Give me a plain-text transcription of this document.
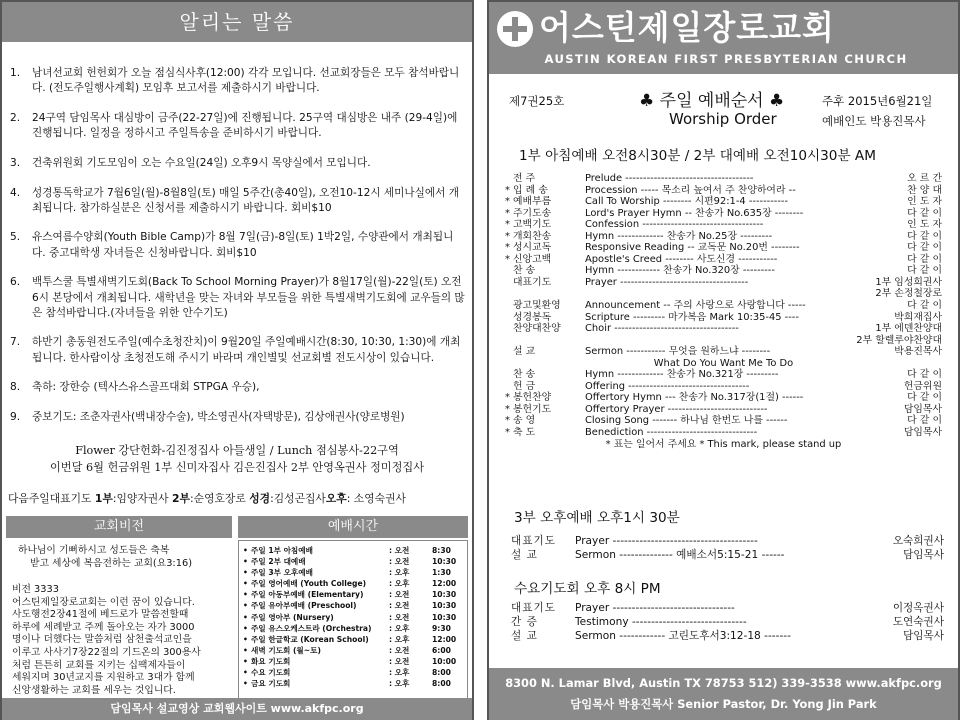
알리는 말씀
1. 남녀선교회 헌헌회가 오늘 점심식사후(12:00) 각각 모입니다. 선교회장들은 모두 참석바랍니다. (전도주일행사계획) 모임후 보고서를 제출하시기 바랍니다.
2. 24구역 담임목사 대심방이 금주(22-27일)에 진행됩니다. 25구역 대심방은 내주 (29-4일)에 진행됩니다. 일정을 정하시고 주일특송을 준비하시기 바랍니다.
3. 건축위원회 기도모임이 오는 수요일(24일) 오후9시 목양실에서 모입니다.
4. 성경통독학교가 7월6일(월)-8월8일(토) 매일 5주간(총40일), 오전10-12시 세미나실에서 개최됩니다. 참가하실분은 신청서를 제출하시기 바랍니다. 회비$10
5. 유스여름수양회(Youth Bible Camp)가 8월 7일(금)-8일(토) 1박2일, 수양관에서 개최됩니다. 중고대학생 자녀들은 신청바랍니다. 회비$10
6. 백투스쿨 특별새벽기도회(Back To School Morning Prayer)가 8월17일(월)-22일(토) 오전6시 본당에서 개최됩니다. 새학년을 맞는 자녀와 부모들을 위한 특별새벽기도회에 교우들의 많은 참석바랍니다.(자녀들을 위한 안수기도)
7. 하반기 총동원전도주일(예수초청잔치)이 9월20일 주일예배시간(8:30, 10:30, 1:30)에 개최됩니다. 한사람이상 초청전도해 주시기 바라며 개인별및 선교회별 전도시상이 있습니다.
8. 축하: 장한승 (텍사스유스골프대회 STPGA 우승),
9. 중보기도: 조춘자권사(백내장수술), 박소영권사(자택방문), 김상애권사(양로병원)
Flower 강단헌화-김진정집사 아들생일 / Lunch 점심봉사-22구역
이번달 6월 헌금위원 1부 신미자집사 김은진집사 2부 안영옥권사 정미정집사
다음주일대표기도 1부:임양자권사 2부:순영호장로 성경:김성곤집사오후: 소영숙권사
교회비전	예배시간
하나님이 기뻐하시고 성도들은 축복
받고 세상에 복음전하는 교회(요3:16)
비전 3333
어스틴제일장로교회는 이런 꿈이 있습니다.
사도행전2장41절에 베드로가 말씀전할때
하루에 세례받고 주께 돌아오는 자가 3000
명이나 더했다는 말씀처럼 삼천출석교인을
이루고 사사기7장22절의 기드온의 300용사
처럼 튼튼히 교회를 지키는 십팩제자들이
세워지며 30년교지를 지원하고 3대가 함께
신앙생활하는 교회를 세우는 것입니다.
• 주일 1부 아침예배	: 오전	8:30
• 주일 2부 대예배	: 오전	10:30
• 주일 3부 오후예배	: 오후	1:30
• 주일 영어예배 (Youth College)	: 오후	12:00
• 주일 아동부예배 (Elementary)	: 오전	10:30
• 주일 유아부예배 (Preschool)	: 오전	10:30
• 주일 영아부 (Nursery)	: 오전	10:30
• 주일 유스오케스트라 (Orchestra) : 오후	9:30
• 주일 한글학교 (Korean School)	: 오후	12:00
• 새벽 기도회 (월~토)	: 오전	6:00
• 화요 기도회	: 오전	10:00
• 수요 기도회	: 오후	8:00
• 금요 기도회	: 오후	8:00
담임목사 설교영상 교회웹사이트 www.akfpc.org
어스틴제일장로교회
AUSTIN KOREAN FIRST PRESBYTERIAN CHURCH
제7권25호	♣ 주일 예배순서 ♣
Worship Order
주후 2015년6월21일
예배인도 박용진목사
1부 아침예배 오전8시30분 / 2부 대예배 오전10시30분 AM
전 주	Prelude ------------------------------------	오 르 간
* 입 례 송	Procession ----- 목소리 높여서 주 찬양하여라 --	찬 양 대
* 예배부름	Call To Worship -------- 시편92:1-4 -----------	인 도 자
* 주기도송	Lord's Prayer Hymn -- 찬송가 No.635장 --------	다 같 이
* 고백기도	Confession ----------------------------------	인 도 자
* 개회찬송	Hymn ------------- 찬송가 No.25장 ---------	다 같 이
* 성시교독	Responsive Reading -- 교독문 No.20번 --------	다 같 이
* 신앙고백	Apostle's Creed -------- 사도신경 -----------	다 같 이
찬 송	Hymn ------------ 찬송가 No.320장 ---------	다 같 이
대표기도	Prayer ------------------------------------	1부 임성희권사
2부 손정철장로
광고및환영	Announcement -- 주의 사랑으로 사랑합니다 -----	다 같 이
성경봉독	Scripture --------- 마가복음 Mark 10:35-45 ----	박희재집사
찬양대찬양	Choir -----------------------------------	1부 에덴찬양대
2부 할렐루야찬양대
설 교	Sermon ----------- 무엇을 원하느냐 --------	박용진목사
What Do You Want Me To Do
찬 송	Hymn ------------- 찬송가 No.321장 ---------	다 같 이
헌 금	Offering ----------------------------------	헌금위원
* 봉헌찬양	Offertory Hymn --- 찬송가 No.317장(1절) ------	다 같 이
* 봉헌기도	Offertory Prayer ----------------------------	담임목사
* 송 영	Closing Song ------- 하나님 한번도 나를 ------	다 같 이
* 축 도	Benediction -------------------------------	담임목사
* 표는 일어서 주세요 * This mark, please stand up
3부 오후예배 오후1시 30분
대표기도 Prayer --------------------------------------	오숙희권사
설 교	Sermon -------------- 예배소서5:15-21 ------	담임목사
수요기도회 오후 8시 PM
대표기도 Prayer --------------------------------	이정옥권사
간 증	Testimony ------------------------------	도연숙권사
설 교	Sermon ------------ 고린도후서3:12-18 -------	담임목사
8300 N. Lamar Blvd, Austin TX 78753 512) 339-3538 www.akfpc.org
담임목사 박용진목사 Senior Pastor, Dr. Yong Jin Park
